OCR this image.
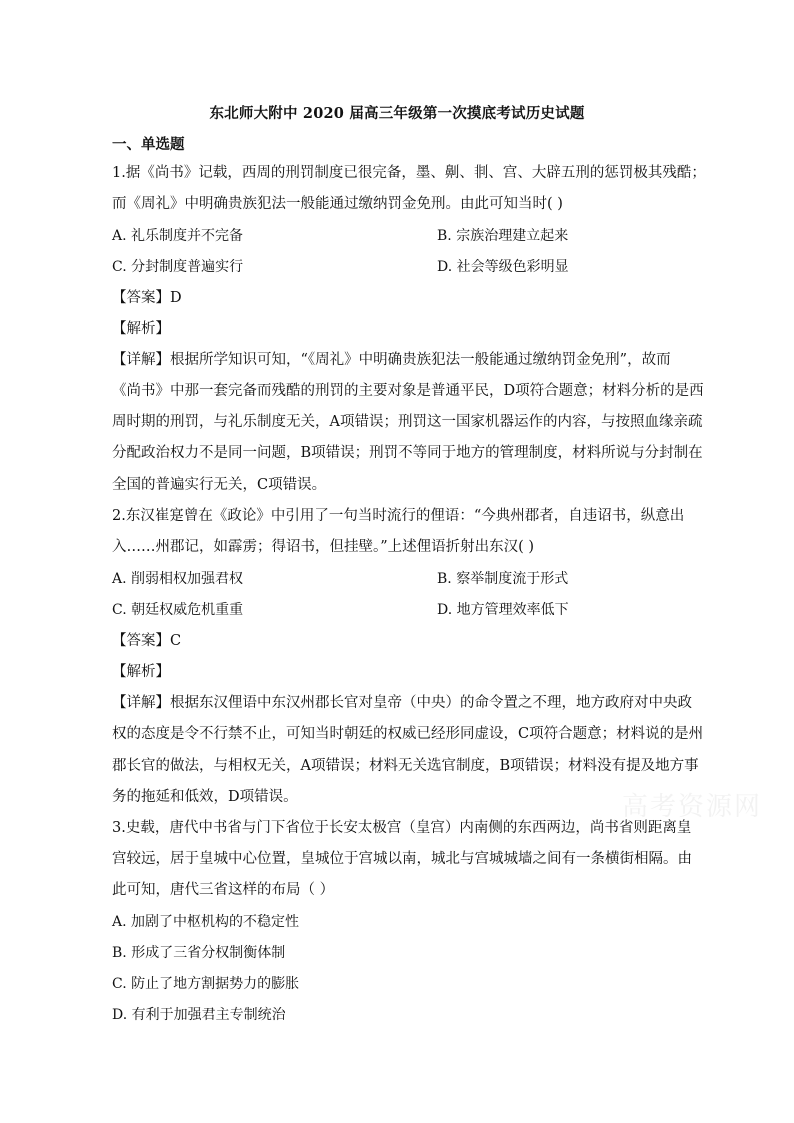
东北师大附中 2020 届高三年级第一次摸底考试历史试题
一、单选题
1.据《尚书》记载，西周的刑罚制度已很完备，墨、劓、剕、宫、大辟五刑的惩罚极其残酷；
而《周礼》中明确贵族犯法一般能通过缴纳罚金免刑。由此可知当时( )
A. 礼乐制度并不完备	B. 宗族治理建立起来
C. 分封制度普遍实行	D. 社会等级色彩明显
【答案】D
【解析】
【详解】根据所学知识可知，“《周礼》中明确贵族犯法一般能通过缴纳罚金免刑”，故而
《尚书》中那一套完备而残酷的刑罚的主要对象是普通平民，D项符合题意；材料分析的是西
周时期的刑罚，与礼乐制度无关，A项错误；刑罚这一国家机器运作的内容，与按照血缘亲疏
分配政治权力不是同一问题，B项错误；刑罚不等同于地方的管理制度，材料所说与分封制在
全国的普遍实行无关，C项错误。
2.东汉崔寔曾在《政论》中引用了一句当时流行的俚语：“今典州郡者，自违诏书，纵意出
入……州郡记，如霹雳；得诏书，但挂壁。”上述俚语折射出东汉( )
A. 削弱相权加强君权	B. 察举制度流于形式
C. 朝廷权威危机重重	D. 地方管理效率低下
【答案】C
【解析】
【详解】根据东汉俚语中东汉州郡长官对皇帝（中央）的命令置之不理，地方政府对中央政
权的态度是令不行禁不止，可知当时朝廷的权威已经形同虚设，C项符合题意；材料说的是州
郡长官的做法，与相权无关，A项错误；材料无关选官制度，B项错误；材料没有提及地方事
务的拖延和低效，D项错误。
3.史载，唐代中书省与门下省位于长安太极宫（皇宫）内南侧的东西两边，尚书省则距离皇
宫较远，居于皇城中心位置，皇城位于宫城以南，城北与宫城城墙之间有一条横街相隔。由
此可知，唐代三省这样的布局（ ）
A. 加剧了中枢机构的不稳定性
B. 形成了三省分权制衡体制
C. 防止了地方割据势力的膨胀
D. 有利于加强君主专制统治
高考资源网
